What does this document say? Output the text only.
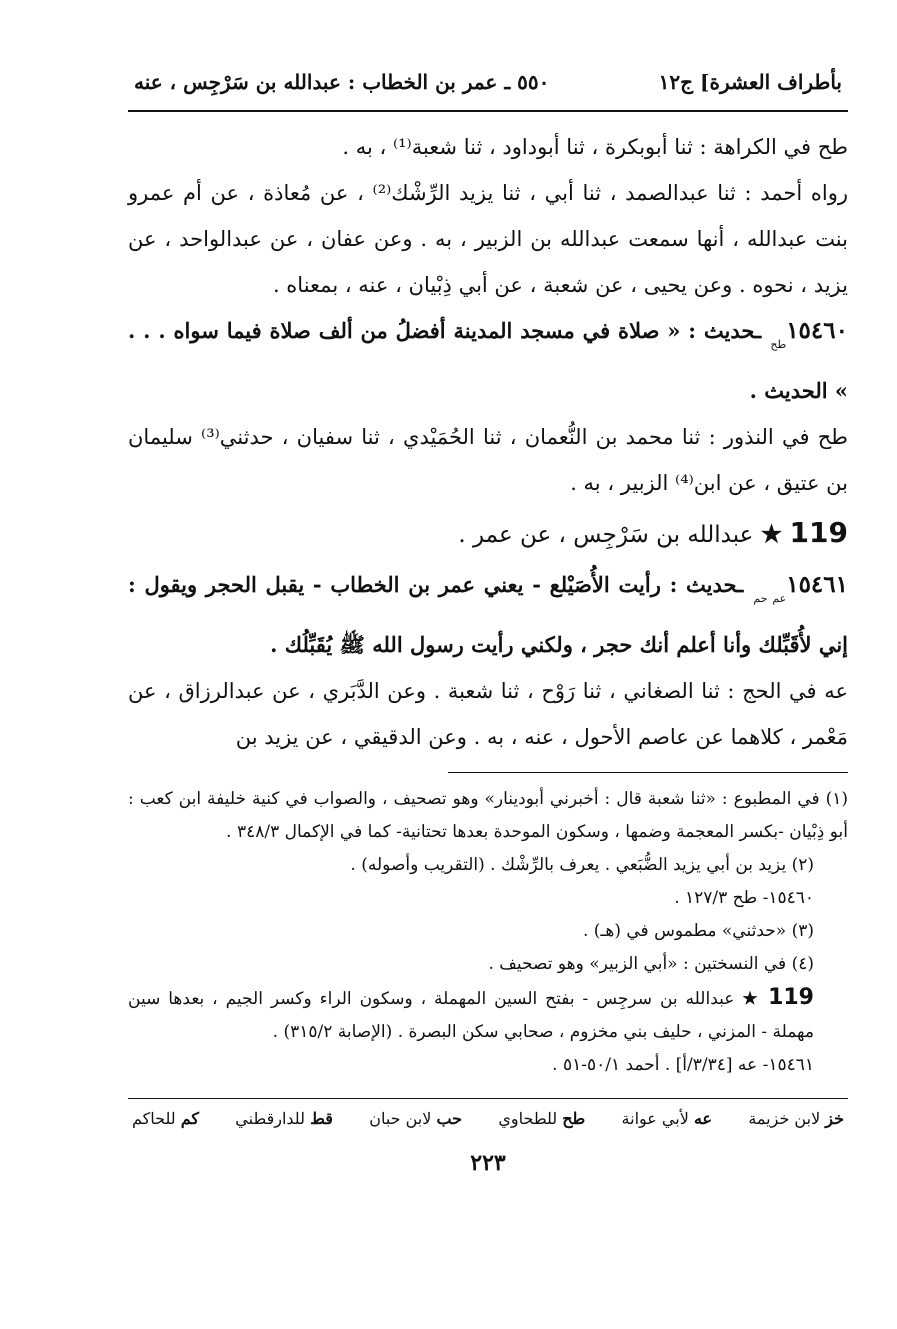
بأطراف العشرة] ج١٢
٥٥٠ ـ عمر بن الخطاب : عبدالله بن سَرْجِس ، عنه

طح في الكراهة : ثنا أبوبكرة ، ثنا أبوداود ، ثنا شعبة⁽¹⁾ ، به .

رواه أحمد : ثنا عبدالصمد ، ثنا أبي ، ثنا يزيد الرِّشْك⁽²⁾ ، عن مُعاذة ، عن أم عمرو بنت عبدالله ، أنها سمعت عبدالله بن الزبير ، به . وعن عفان ، عن عبدالواحد ، عن يزيد ، نحوه . وعن يحيى ، عن شعبة ، عن أبي ذِبْيان ، عنه ، بمعناه .

$١٥٤٦٠_{طح}$ ـحديث : « صلاة في مسجد المدينة أفضلُ من ألف صلاة فيما سواه . . . » الحديث .

طح في النذور : ثنا محمد بن النُّعمان ، ثنا الحُمَيْدي ، ثنا سفيان ، حدثني⁽³⁾ سليمان بن عتيق ، عن ابن⁽⁴⁾ الزبير ، به .

119 ★ عبدالله بن سَرْجِس ، عن عمر .

$١٥٤٦١_{عم حم}$ ـحديث : رأيت الأُصَيْلع - يعني عمر بن الخطاب - يقبل الحجر ويقول : إني لأُقَبِّلك وأنا أعلم أنك حجر ، ولكني رأيت رسول الله ﷺ يُقَبِّلُك .

عه في الحج : ثنا الصغاني ، ثنا رَوْح ، ثنا شعبة . وعن الدَّبَري ، عن عبدالرزاق ، عن مَعْمر ، كلاهما عن عاصم الأحول ، عنه ، به . وعن الدقيقي ، عن يزيد بن

(١) في المطبوع : «ثنا شعبة قال : أخبرني أبودينار» وهو تصحيف ، والصواب في كنية خليفة ابن كعب : أبو ذِبْيان -بكسر المعجمة وضمها ، وسكون الموحدة بعدها تحتانية- كما في الإكمال ٣٤٨/٣ .

(٢) يزيد بن أبي يزيد الضُّبَعي . يعرف بالرِّشْك . (التقريب وأصوله) .

١٥٤٦٠- طح ١٢٧/٣ .

(٣) «حدثني» مطموس في (هـ) .

(٤) في النسختين : «أبي الزبير» وهو تصحيف .

119 ★ عبدالله بن سرجِس - بفتح السين المهملة ، وسكون الراء وكسر الجيم ، بعدها سين مهملة - المزني ، حليف بني مخزوم ، صحابي سكن البصرة . (الإصابة ٣١٥/٢) .

١٥٤٦١- عه [٣/٣٤/أ] . أحمد ٥٠/١-٥١ .

خز لابن خزيمة
عه لأبي عوانة
طح للطحاوي
حب لابن حبان
قط للدارقطني
كم للحاكم
٢٢٣
